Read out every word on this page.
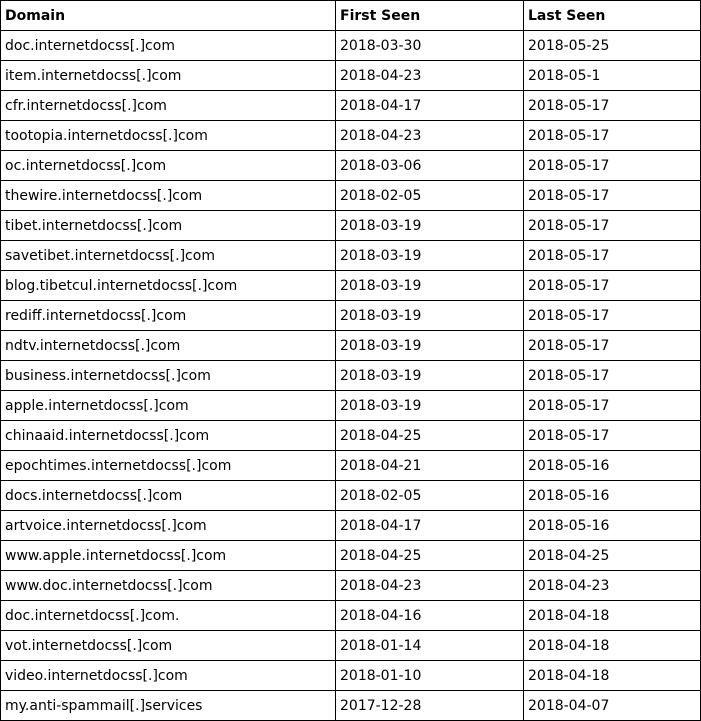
Domain	First Seen	Last Seen
doc.internetdocss[.]com	2018-03-30	2018-05-25
item.internetdocss[.]com	2018-04-23	2018-05-1
cfr.internetdocss[.]com	2018-04-17	2018-05-17
tootopia.internetdocss[.]com	2018-04-23	2018-05-17
oc.internetdocss[.]com	2018-03-06	2018-05-17
thewire.internetdocss[.]com	2018-02-05	2018-05-17
tibet.internetdocss[.]com	2018-03-19	2018-05-17
savetibet.internetdocss[.]com	2018-03-19	2018-05-17
blog.tibetcul.internetdocss[.]com	2018-03-19	2018-05-17
rediff.internetdocss[.]com	2018-03-19	2018-05-17
ndtv.internetdocss[.]com	2018-03-19	2018-05-17
business.internetdocss[.]com	2018-03-19	2018-05-17
apple.internetdocss[.]com	2018-03-19	2018-05-17
chinaaid.internetdocss[.]com	2018-04-25	2018-05-17
epochtimes.internetdocss[.]com	2018-04-21	2018-05-16
docs.internetdocss[.]com	2018-02-05	2018-05-16
artvoice.internetdocss[.]com	2018-04-17	2018-05-16
www.apple.internetdocss[.]com	2018-04-25	2018-04-25
www.doc.internetdocss[.]com	2018-04-23	2018-04-23
doc.internetdocss[.]com.	2018-04-16	2018-04-18
vot.internetdocss[.]com	2018-01-14	2018-04-18
video.internetdocss[.]com	2018-01-10	2018-04-18
my.anti-spammail[.]services	2017-12-28	2018-04-07
